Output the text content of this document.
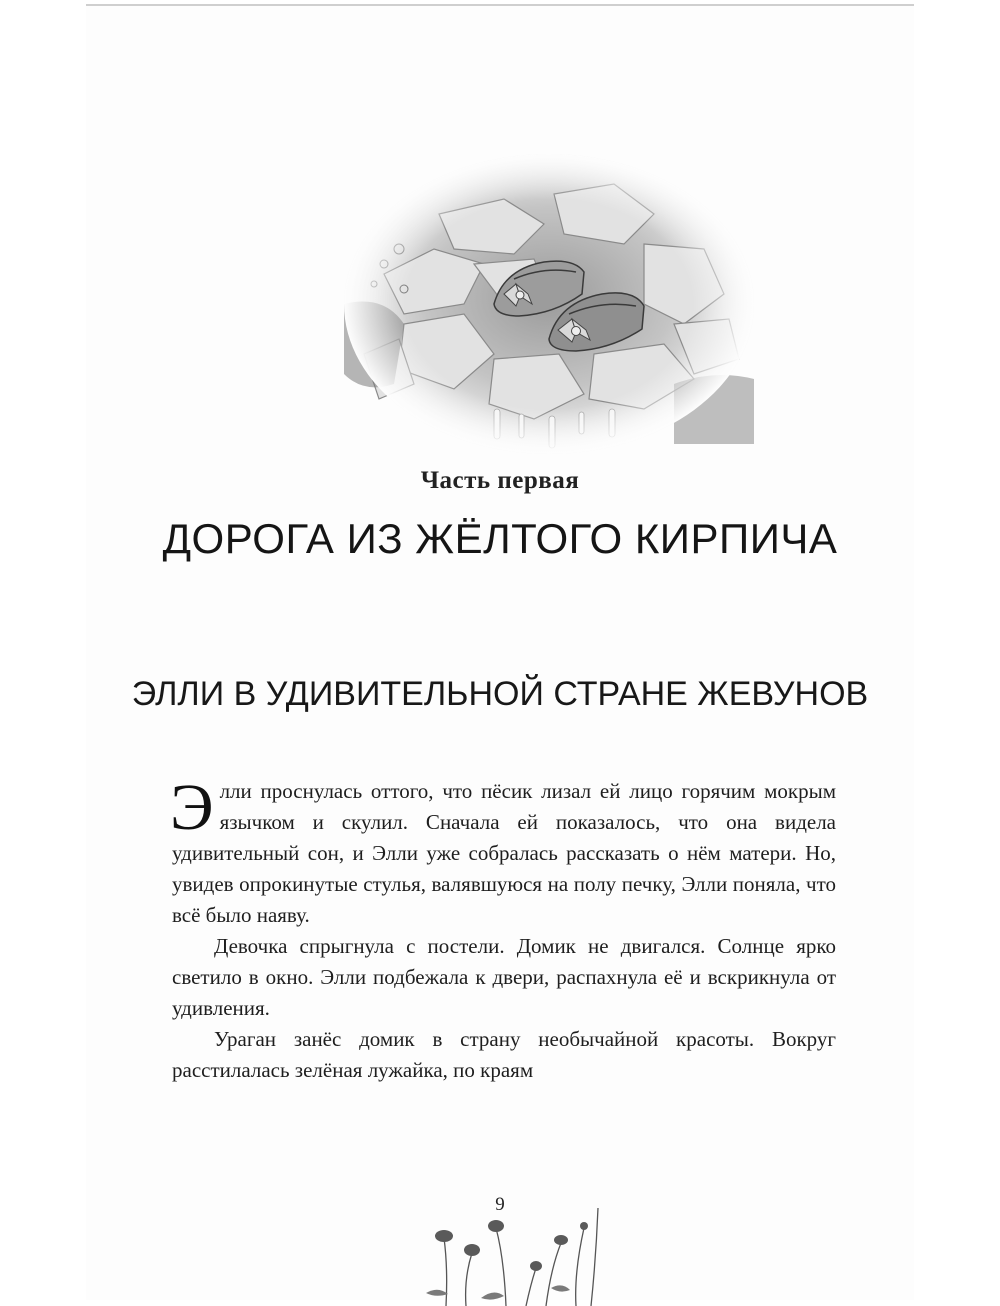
Часть первая
ДОРОГА ИЗ ЖЁЛТОГО КИРПИЧА
ЭЛЛИ В УДИВИТЕЛЬНОЙ СТРАНЕ ЖЕВУНОВ

Элли проснулась оттого, что пёсик лизал ей лицо горячим мокрым язычком и скулил. Сначала ей показалось, что она видела удивительный сон, и Элли уже собралась рассказать о нём матери. Но, увидев опрокинутые стулья, валявшуюся на полу печку, Элли поняла, что всё было наяву.

Девочка спрыгнула с постели. Домик не двигался. Солнце ярко светило в окно. Элли подбежала к двери, распахнула её и вскрикнула от удивления.

Ураган занёс домик в страну необычайной красоты. Вокруг расстилалась зелёная лужайка, по краям

9
